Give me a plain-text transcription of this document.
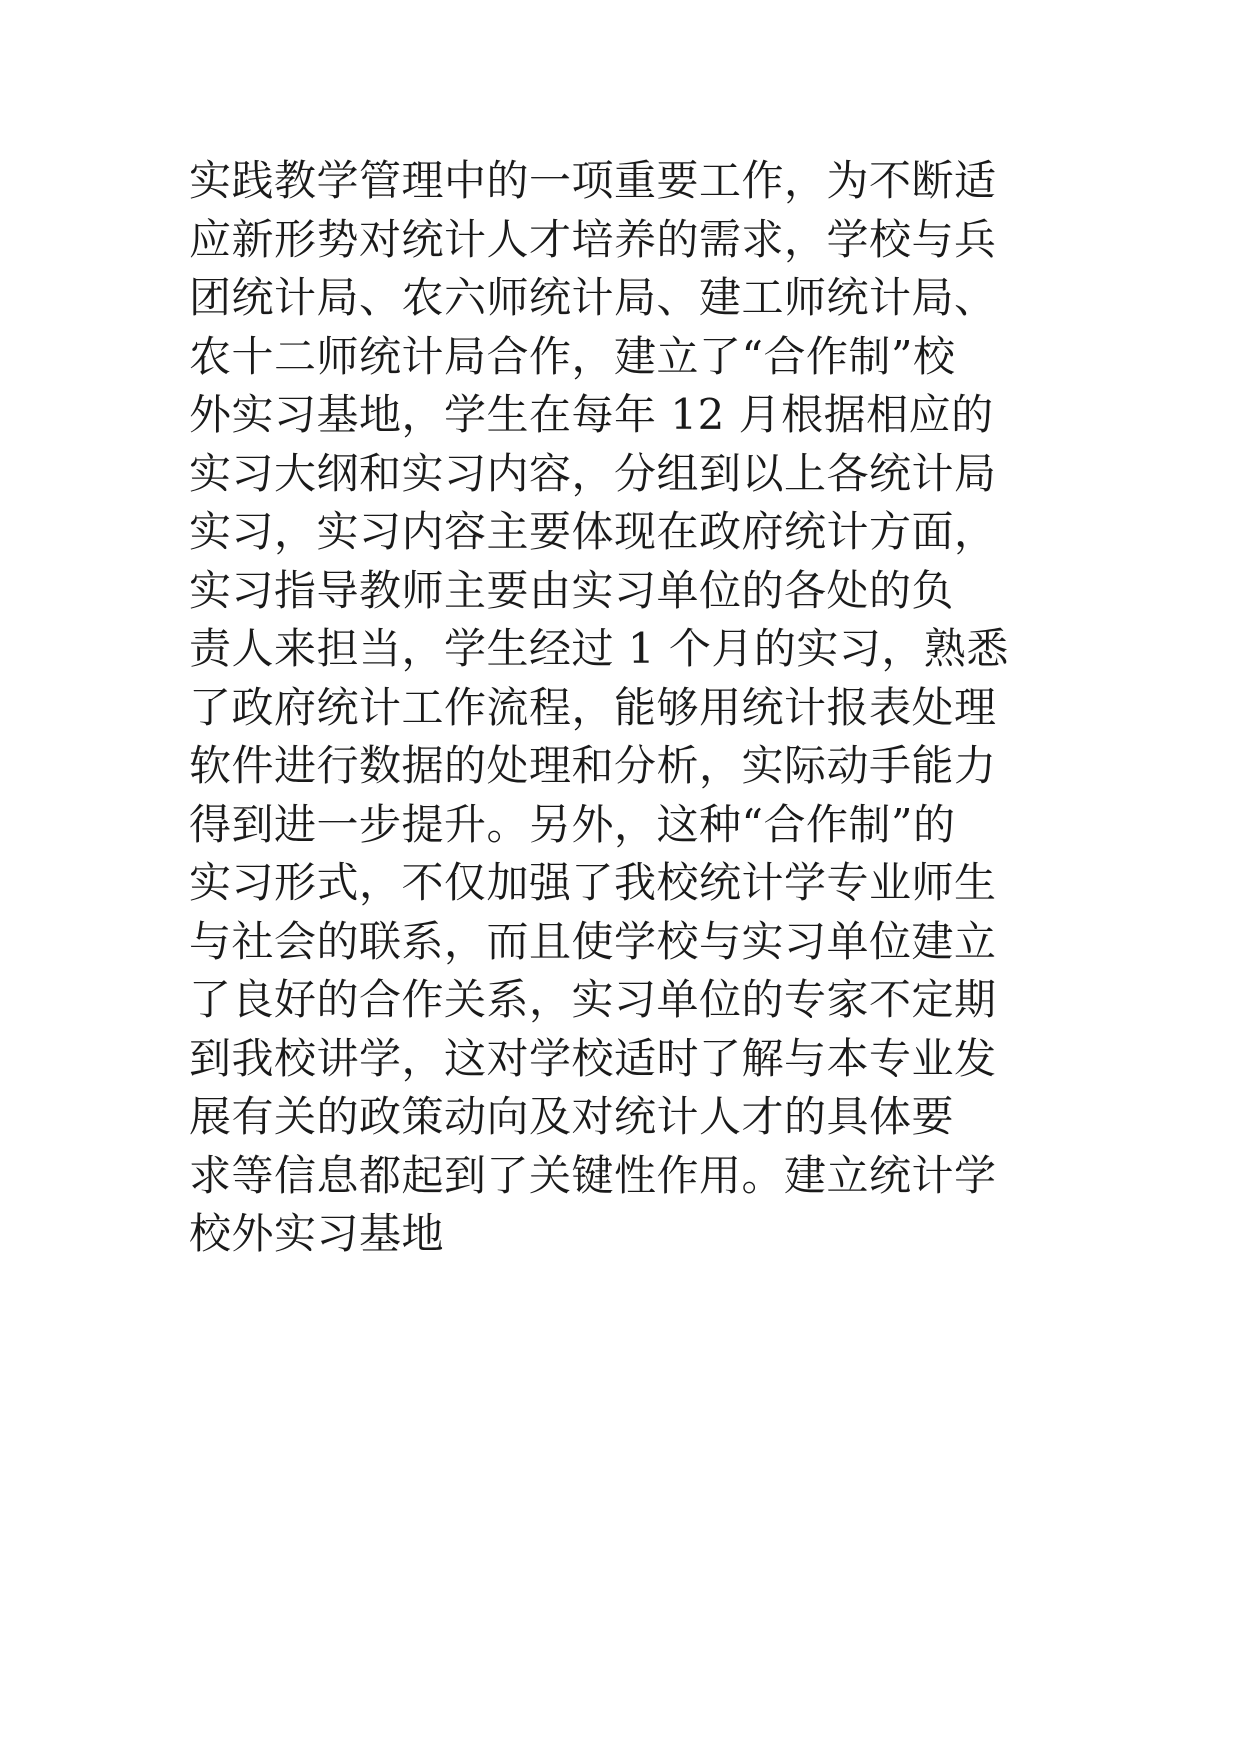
实践教学管理中的一项重要工作，为不断适
应新形势对统计人才培养的需求，学校与兵
团统计局、农六师统计局、建工师统计局、
农十二师统计局合作，建立了“合作制”校
外实习基地，学生在每年 12 月根据相应的
实习大纲和实习内容，分组到以上各统计局
实习，实习内容主要体现在政府统计方面，
实习指导教师主要由实习单位的各处的负
责人来担当，学生经过 1 个月的实习，熟悉
了政府统计工作流程，能够用统计报表处理
软件进行数据的处理和分析，实际动手能力
得到进一步提升。另外，这种“合作制”的
实习形式，不仅加强了我校统计学专业师生
与社会的联系，而且使学校与实习单位建立
了良好的合作关系，实习单位的专家不定期
到我校讲学，这对学校适时了解与本专业发
展有关的政策动向及对统计人才的具体要
求等信息都起到了关键性作用。建立统计学
校外实习基地
